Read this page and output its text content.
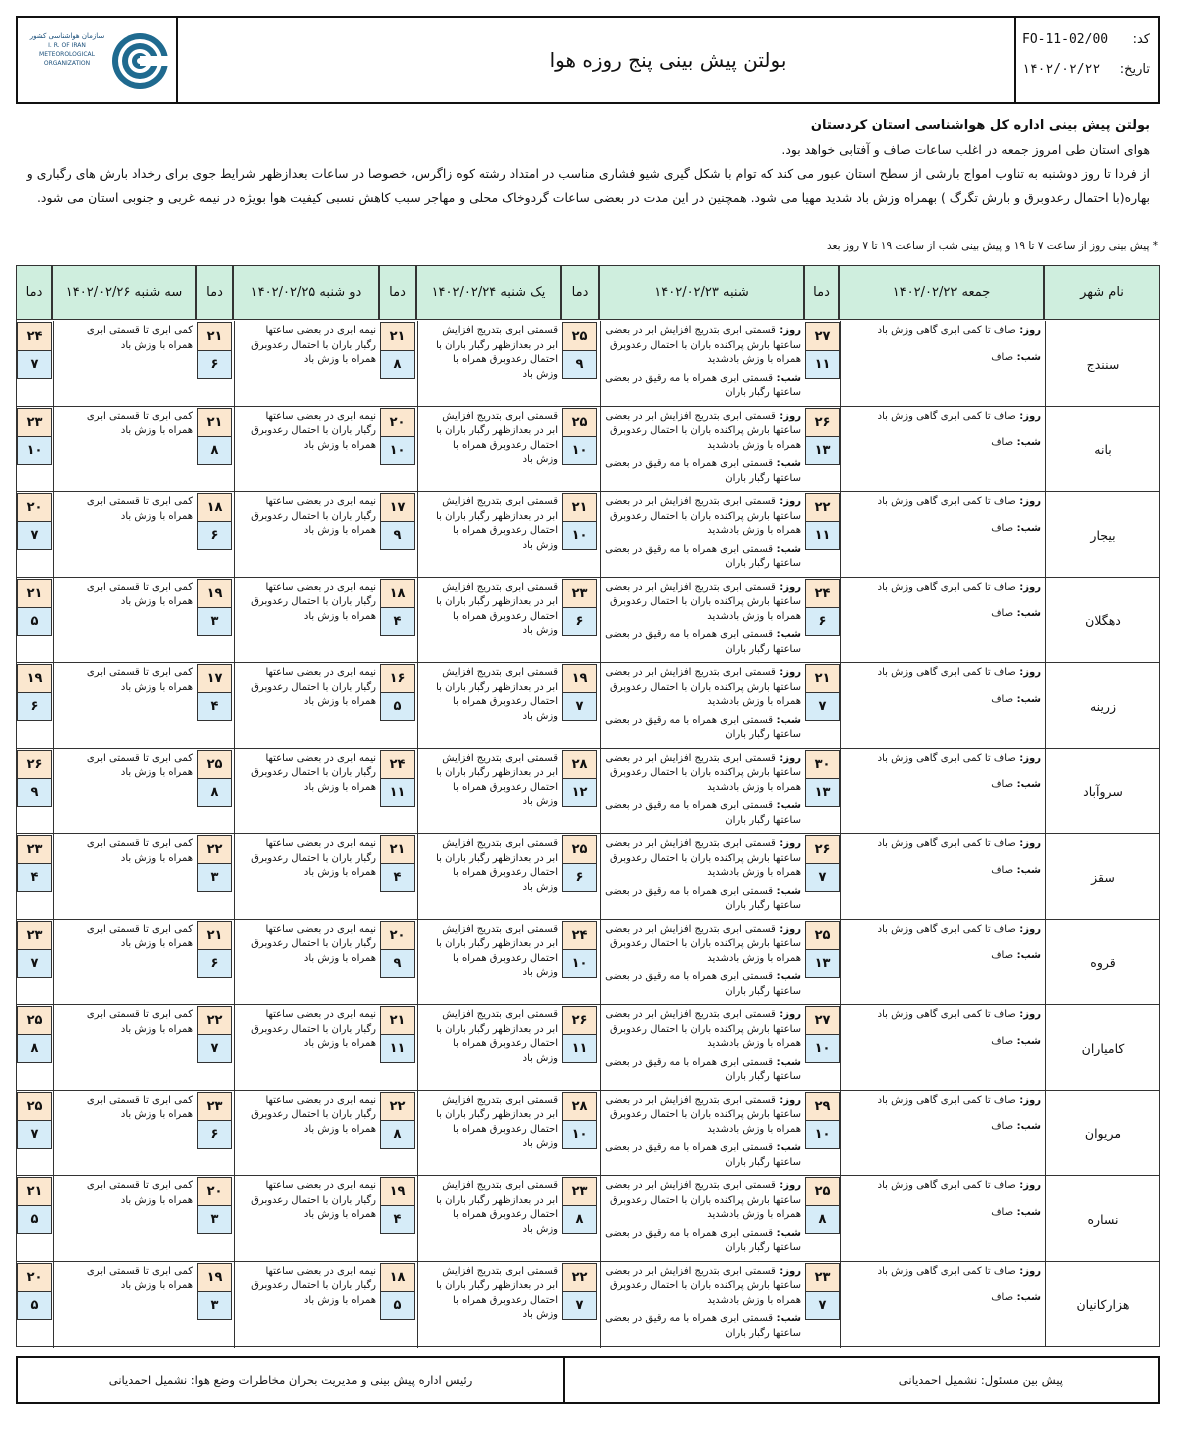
سازمان هواشناسی کشور
I. R. OF IRAN
METEOROLOGICAL
ORGANIZATION	بولتن پیش بینی پنج روزه هوا
کد:
FO-11-02/00
تاریخ:
۱۴۰۲/۰۲/۲۲
بولتن پیش بینی اداره کل هواشناسی استان کردستان
هوای استان طی امروز جمعه در اغلب ساعات صاف و آفتابی خواهد بود.
از فردا تا روز دوشنبه به تناوب امواج بارشی از سطح استان عبور می کند که توام با شکل گیری شیو فشاری مناسب در امتداد رشته کوه زاگرس، خصوصا در ساعات بعدازظهر شرایط جوی برای رخداد بارش های رگباری و بهاره(با احتمال رعدوبرق و بارش تگرگ ) بهمراه وزش باد شدید مهیا می شود. همچنین در این مدت در بعضی ساعات گردوخاک محلی و مهاجر سبب کاهش نسبی کیفیت هوا بویژه در نیمه غربی و جنوبی استان می شود.
* پیش بینی روز از ساعت ۷ تا ۱۹ و پیش بینی شب از ساعت ۱۹ تا ۷ روز بعد
نام شهر
جمعه ۱۴۰۲/۰۲/۲۲
دما
شنبه ۱۴۰۲/۰۲/۲۳
دما
یک شنبه ۱۴۰۲/۰۲/۲۴
دما
دو شنبه ۱۴۰۲/۰۲/۲۵
دما
سه شنبه ۱۴۰۲/۰۲/۲۶
دما
سنندج
روز: صاف تا کمی ابری گاهی وزش باد
شب: صاف
روز: قسمتی ابری بتدریج افزایش ابر در بعضی ساعتها بارش پراکنده باران با احتمال رعدوبرق همراه با وزش بادشدید
شب: قسمتی ابری همراه با مه رقیق در بعضی ساعتها رگبار باران
قسمتی ابری بتدریج افزایش ابر در بعدازظهر رگبار باران با احتمال رعدوبرق همراه با وزش باد
نیمه ابری در بعضی ساعتها رگبار باران با احتمال رعدوبرق همراه با وزش باد
کمی ابری تا قسمتی ابری همراه با وزش باد
۲۷
۱۱
۲۵
۹
۲۱
۸
۲۱
۶
۲۴
۷
بانه
روز: صاف تا کمی ابری گاهی وزش باد
شب: صاف
روز: قسمتی ابری بتدریج افزایش ابر در بعضی ساعتها بارش پراکنده باران با احتمال رعدوبرق همراه با وزش بادشدید
شب: قسمتی ابری همراه با مه رقیق در بعضی ساعتها رگبار باران
قسمتی ابری بتدریج افزایش ابر در بعدازظهر رگبار باران با احتمال رعدوبرق همراه با وزش باد
نیمه ابری در بعضی ساعتها رگبار باران با احتمال رعدوبرق همراه با وزش باد
کمی ابری تا قسمتی ابری همراه با وزش باد
۲۶
۱۳
۲۵
۱۰
۲۰
۱۰
۲۱
۸
۲۳
۱۰
بیجار
روز: صاف تا کمی ابری گاهی وزش باد
شب: صاف
روز: قسمتی ابری بتدریج افزایش ابر در بعضی ساعتها بارش پراکنده باران با احتمال رعدوبرق همراه با وزش بادشدید
شب: قسمتی ابری همراه با مه رقیق در بعضی ساعتها رگبار باران
قسمتی ابری بتدریج افزایش ابر در بعدازظهر رگبار باران با احتمال رعدوبرق همراه با وزش باد
نیمه ابری در بعضی ساعتها رگبار باران با احتمال رعدوبرق همراه با وزش باد
کمی ابری تا قسمتی ابری همراه با وزش باد
۲۲
۱۱
۲۱
۱۰
۱۷
۹
۱۸
۶
۲۰
۷
دهگلان
روز: صاف تا کمی ابری گاهی وزش باد
شب: صاف
روز: قسمتی ابری بتدریج افزایش ابر در بعضی ساعتها بارش پراکنده باران با احتمال رعدوبرق همراه با وزش بادشدید
شب: قسمتی ابری همراه با مه رقیق در بعضی ساعتها رگبار باران
قسمتی ابری بتدریج افزایش ابر در بعدازظهر رگبار باران با احتمال رعدوبرق همراه با وزش باد
نیمه ابری در بعضی ساعتها رگبار باران با احتمال رعدوبرق همراه با وزش باد
کمی ابری تا قسمتی ابری همراه با وزش باد
۲۴
۶
۲۳
۶
۱۸
۴
۱۹
۳
۲۱
۵
زرینه
روز: صاف تا کمی ابری گاهی وزش باد
شب: صاف
روز: قسمتی ابری بتدریج افزایش ابر در بعضی ساعتها بارش پراکنده باران با احتمال رعدوبرق همراه با وزش بادشدید
شب: قسمتی ابری همراه با مه رقیق در بعضی ساعتها رگبار باران
قسمتی ابری بتدریج افزایش ابر در بعدازظهر رگبار باران با احتمال رعدوبرق همراه با وزش باد
نیمه ابری در بعضی ساعتها رگبار باران با احتمال رعدوبرق همراه با وزش باد
کمی ابری تا قسمتی ابری همراه با وزش باد
۲۱
۷
۱۹
۷
۱۶
۵
۱۷
۴
۱۹
۶
سروآباد
روز: صاف تا کمی ابری گاهی وزش باد
شب: صاف
روز: قسمتی ابری بتدریج افزایش ابر در بعضی ساعتها بارش پراکنده باران با احتمال رعدوبرق همراه با وزش بادشدید
شب: قسمتی ابری همراه با مه رقیق در بعضی ساعتها رگبار باران
قسمتی ابری بتدریج افزایش ابر در بعدازظهر رگبار باران با احتمال رعدوبرق همراه با وزش باد
نیمه ابری در بعضی ساعتها رگبار باران با احتمال رعدوبرق همراه با وزش باد
کمی ابری تا قسمتی ابری همراه با وزش باد
۳۰
۱۳
۲۸
۱۲
۲۴
۱۱
۲۵
۸
۲۶
۹
سقز
روز: صاف تا کمی ابری گاهی وزش باد
شب: صاف
روز: قسمتی ابری بتدریج افزایش ابر در بعضی ساعتها بارش پراکنده باران با احتمال رعدوبرق همراه با وزش بادشدید
شب: قسمتی ابری همراه با مه رقیق در بعضی ساعتها رگبار باران
قسمتی ابری بتدریج افزایش ابر در بعدازظهر رگبار باران با احتمال رعدوبرق همراه با وزش باد
نیمه ابری در بعضی ساعتها رگبار باران با احتمال رعدوبرق همراه با وزش باد
کمی ابری تا قسمتی ابری همراه با وزش باد
۲۶
۷
۲۵
۶
۲۱
۴
۲۲
۳
۲۳
۴
قروه
روز: صاف تا کمی ابری گاهی وزش باد
شب: صاف
روز: قسمتی ابری بتدریج افزایش ابر در بعضی ساعتها بارش پراکنده باران با احتمال رعدوبرق همراه با وزش بادشدید
شب: قسمتی ابری همراه با مه رقیق در بعضی ساعتها رگبار باران
قسمتی ابری بتدریج افزایش ابر در بعدازظهر رگبار باران با احتمال رعدوبرق همراه با وزش باد
نیمه ابری در بعضی ساعتها رگبار باران با احتمال رعدوبرق همراه با وزش باد
کمی ابری تا قسمتی ابری همراه با وزش باد
۲۵
۱۳
۲۴
۱۰
۲۰
۹
۲۱
۶
۲۳
۷
کامیاران
روز: صاف تا کمی ابری گاهی وزش باد
شب: صاف
روز: قسمتی ابری بتدریج افزایش ابر در بعضی ساعتها بارش پراکنده باران با احتمال رعدوبرق همراه با وزش بادشدید
شب: قسمتی ابری همراه با مه رقیق در بعضی ساعتها رگبار باران
قسمتی ابری بتدریج افزایش ابر در بعدازظهر رگبار باران با احتمال رعدوبرق همراه با وزش باد
نیمه ابری در بعضی ساعتها رگبار باران با احتمال رعدوبرق همراه با وزش باد
کمی ابری تا قسمتی ابری همراه با وزش باد
۲۷
۱۰
۲۶
۱۱
۲۱
۱۱
۲۲
۷
۲۵
۸
مریوان
روز: صاف تا کمی ابری گاهی وزش باد
شب: صاف
روز: قسمتی ابری بتدریج افزایش ابر در بعضی ساعتها بارش پراکنده باران با احتمال رعدوبرق همراه با وزش بادشدید
شب: قسمتی ابری همراه با مه رقیق در بعضی ساعتها رگبار باران
قسمتی ابری بتدریج افزایش ابر در بعدازظهر رگبار باران با احتمال رعدوبرق همراه با وزش باد
نیمه ابری در بعضی ساعتها رگبار باران با احتمال رعدوبرق همراه با وزش باد
کمی ابری تا قسمتی ابری همراه با وزش باد
۲۹
۱۰
۲۸
۱۰
۲۲
۸
۲۳
۶
۲۵
۷
نساره
روز: صاف تا کمی ابری گاهی وزش باد
شب: صاف
روز: قسمتی ابری بتدریج افزایش ابر در بعضی ساعتها بارش پراکنده باران با احتمال رعدوبرق همراه با وزش بادشدید
شب: قسمتی ابری همراه با مه رقیق در بعضی ساعتها رگبار باران
قسمتی ابری بتدریج افزایش ابر در بعدازظهر رگبار باران با احتمال رعدوبرق همراه با وزش باد
نیمه ابری در بعضی ساعتها رگبار باران با احتمال رعدوبرق همراه با وزش باد
کمی ابری تا قسمتی ابری همراه با وزش باد
۲۵
۸
۲۳
۸
۱۹
۴
۲۰
۳
۲۱
۵
هزارکانیان
روز: صاف تا کمی ابری گاهی وزش باد
شب: صاف
روز: قسمتی ابری بتدریج افزایش ابر در بعضی ساعتها بارش پراکنده باران با احتمال رعدوبرق همراه با وزش بادشدید
شب: قسمتی ابری همراه با مه رقیق در بعضی ساعتها رگبار باران
قسمتی ابری بتدریج افزایش ابر در بعدازظهر رگبار باران با احتمال رعدوبرق همراه با وزش باد
نیمه ابری در بعضی ساعتها رگبار باران با احتمال رعدوبرق همراه با وزش باد
کمی ابری تا قسمتی ابری همراه با وزش باد
۲۳
۷
۲۲
۷
۱۸
۵
۱۹
۳
۲۰
۵
رئیس اداره پیش بینی و مدیریت بحران مخاطرات وضع هوا: نشمیل احمدیانی	پیش بین مسئول: نشمیل احمدیانی
